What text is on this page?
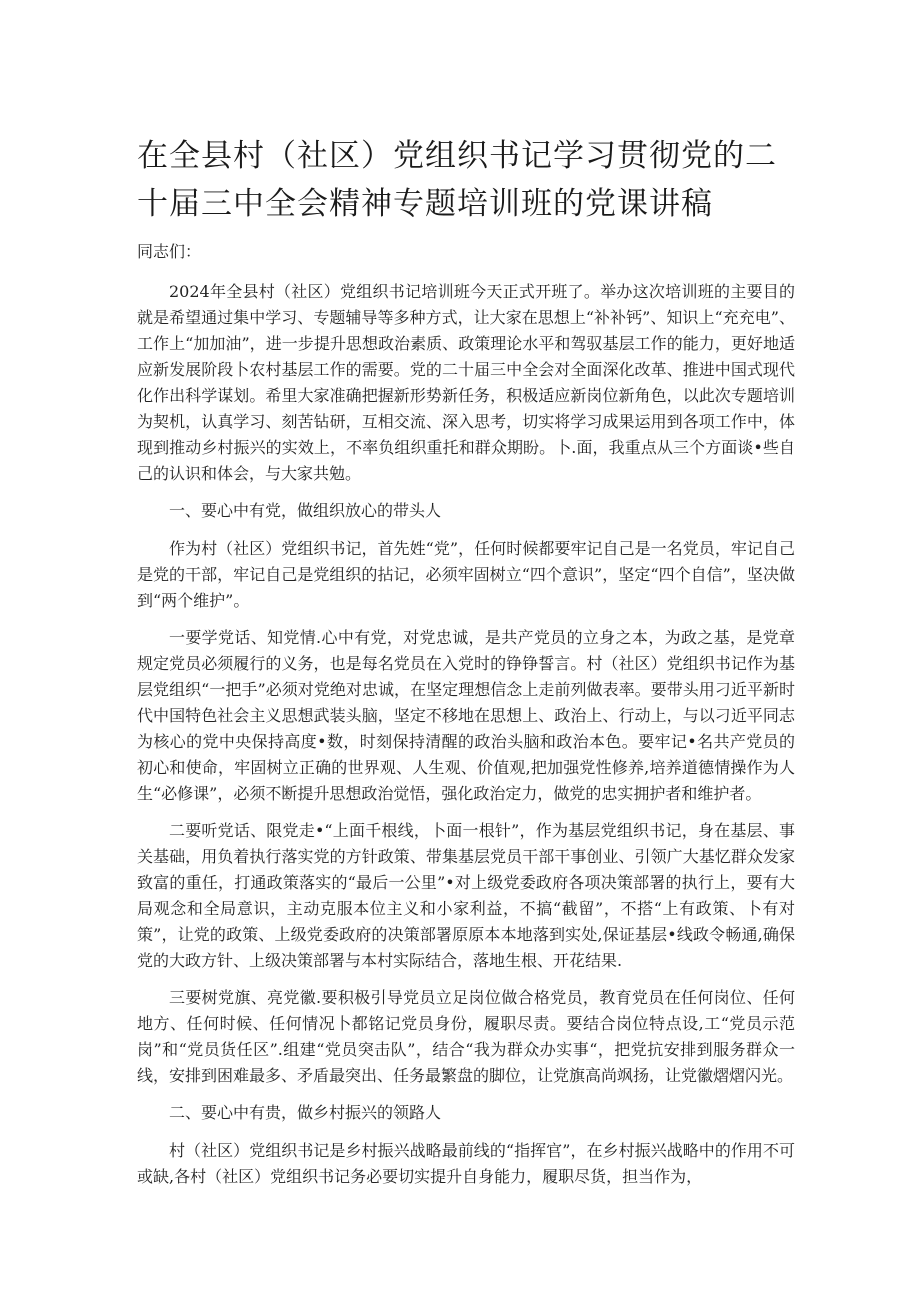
在全县村（社区）党组织书记学习贯彻党的二十届三中全会精神专题培训班的党课讲稿

同志们：

2024年全县村（社区）党组织书记培训班今天正式开班了。举办这次培训班的主要目的就是希望通过集中学习、专题辅导等多种方式，让大家在思想上“补补钙”、知识上“充充电”、工作上“加加油”，进一步提升思想政治素质、政策理论水平和驾驭基层工作的能力，更好地适应新发展阶段卜农村基层工作的需要。党的二十届三中全会对全面深化改革、推进中国式现代化作出科学谋划。希里大家准确把握新形势新任务，积极适应新岗位新角色，以此次专题培训为契机，认真学习、刻苦钻研，互相交流、深入思考，切实将学习成果运用到各项工作中，体现到推动乡村振兴的实效上，不率负组织重托和群众期盼。卜.面，我重点从三个方面谈•些自己的认识和体会，与大家共勉。

一、要心中有党，做组织放心的带头人

作为村（社区）党组织书记，首先姓“党”，任何时候都要牢记自己是一名党员，牢记自己是党的干部，牢记自己是党组织的拈记，必须牢固树立“四个意识”，坚定“四个自信”，坚决做到“两个维护”。

一要学党话、知党情.心中有党，对党忠诚，是共产党员的立身之本，为政之基，是党章规定党员必须履行的义务，也是每名党员在入党时的铮铮誓言。村（社区）党组织书记作为基层党组织“一把手”必须对党绝对忠诚，在坚定理想信念上走前列做表率。要带头用刁近平新时代中国特色社会主义思想武装头脑，坚定不移地在思想上、政治上、行动上，与以刁近平同志为核心的党中央保持高度•数，时刻保持清醒的政治头脑和政治本色。要牢记•名共产党员的初心和使命，牢固树立正确的世界观、人生观、价值观,把加强党性修养,培养道德情操作为人生“必修课”，必须不断提升思想政治觉悟，强化政治定力，做党的忠实拥护者和维护者。

二要听党话、限党走•“上面千根线，卜面一根针”，作为基层党组织书记，身在基层、事关基础，用负着执行落实党的方针政策、带集基层党员干部干事创业、引领广大基忆群众发家致富的重任，打通政策落实的“最后一公里”•对上级党委政府各项决策部署的执行上，要有大局观念和全局意识，主动克服本位主义和小家利益，不搞“截留”，不搭“上有政策、卜有对策”，让党的政策、上级党委政府的决策部署原原本本地落到实处,保证基层•线政令畅通,确保党的大政方针、上级决策部署与本村实际结合，落地生根、开花结果.

三要树党旗、亮党徽.要积极引导党员立足岗位做合格党员，教育党员在任何岗位、任何地方、任何时候、任何情况卜都铭记党员身份，履职尽责。要结合岗位特点设,工“党员示范岗”和“党员货任区”.组建“党员突击队”，结合“我为群众办实事“，把党抗安排到服务群众一线，安排到困难最多、矛盾最突出、任务最繁盘的脚位，让党旗高尚飒扬，让党徽熠熠闪光。

二、要心中有贵，做乡村振兴的领路人

村（社区）党组织书记是乡村振兴战略最前线的“指挥官”，在乡村振兴战略中的作用不可或缺,各村（社区）党组织书记务必要切实提升自身能力，履职尽货，担当作为，
